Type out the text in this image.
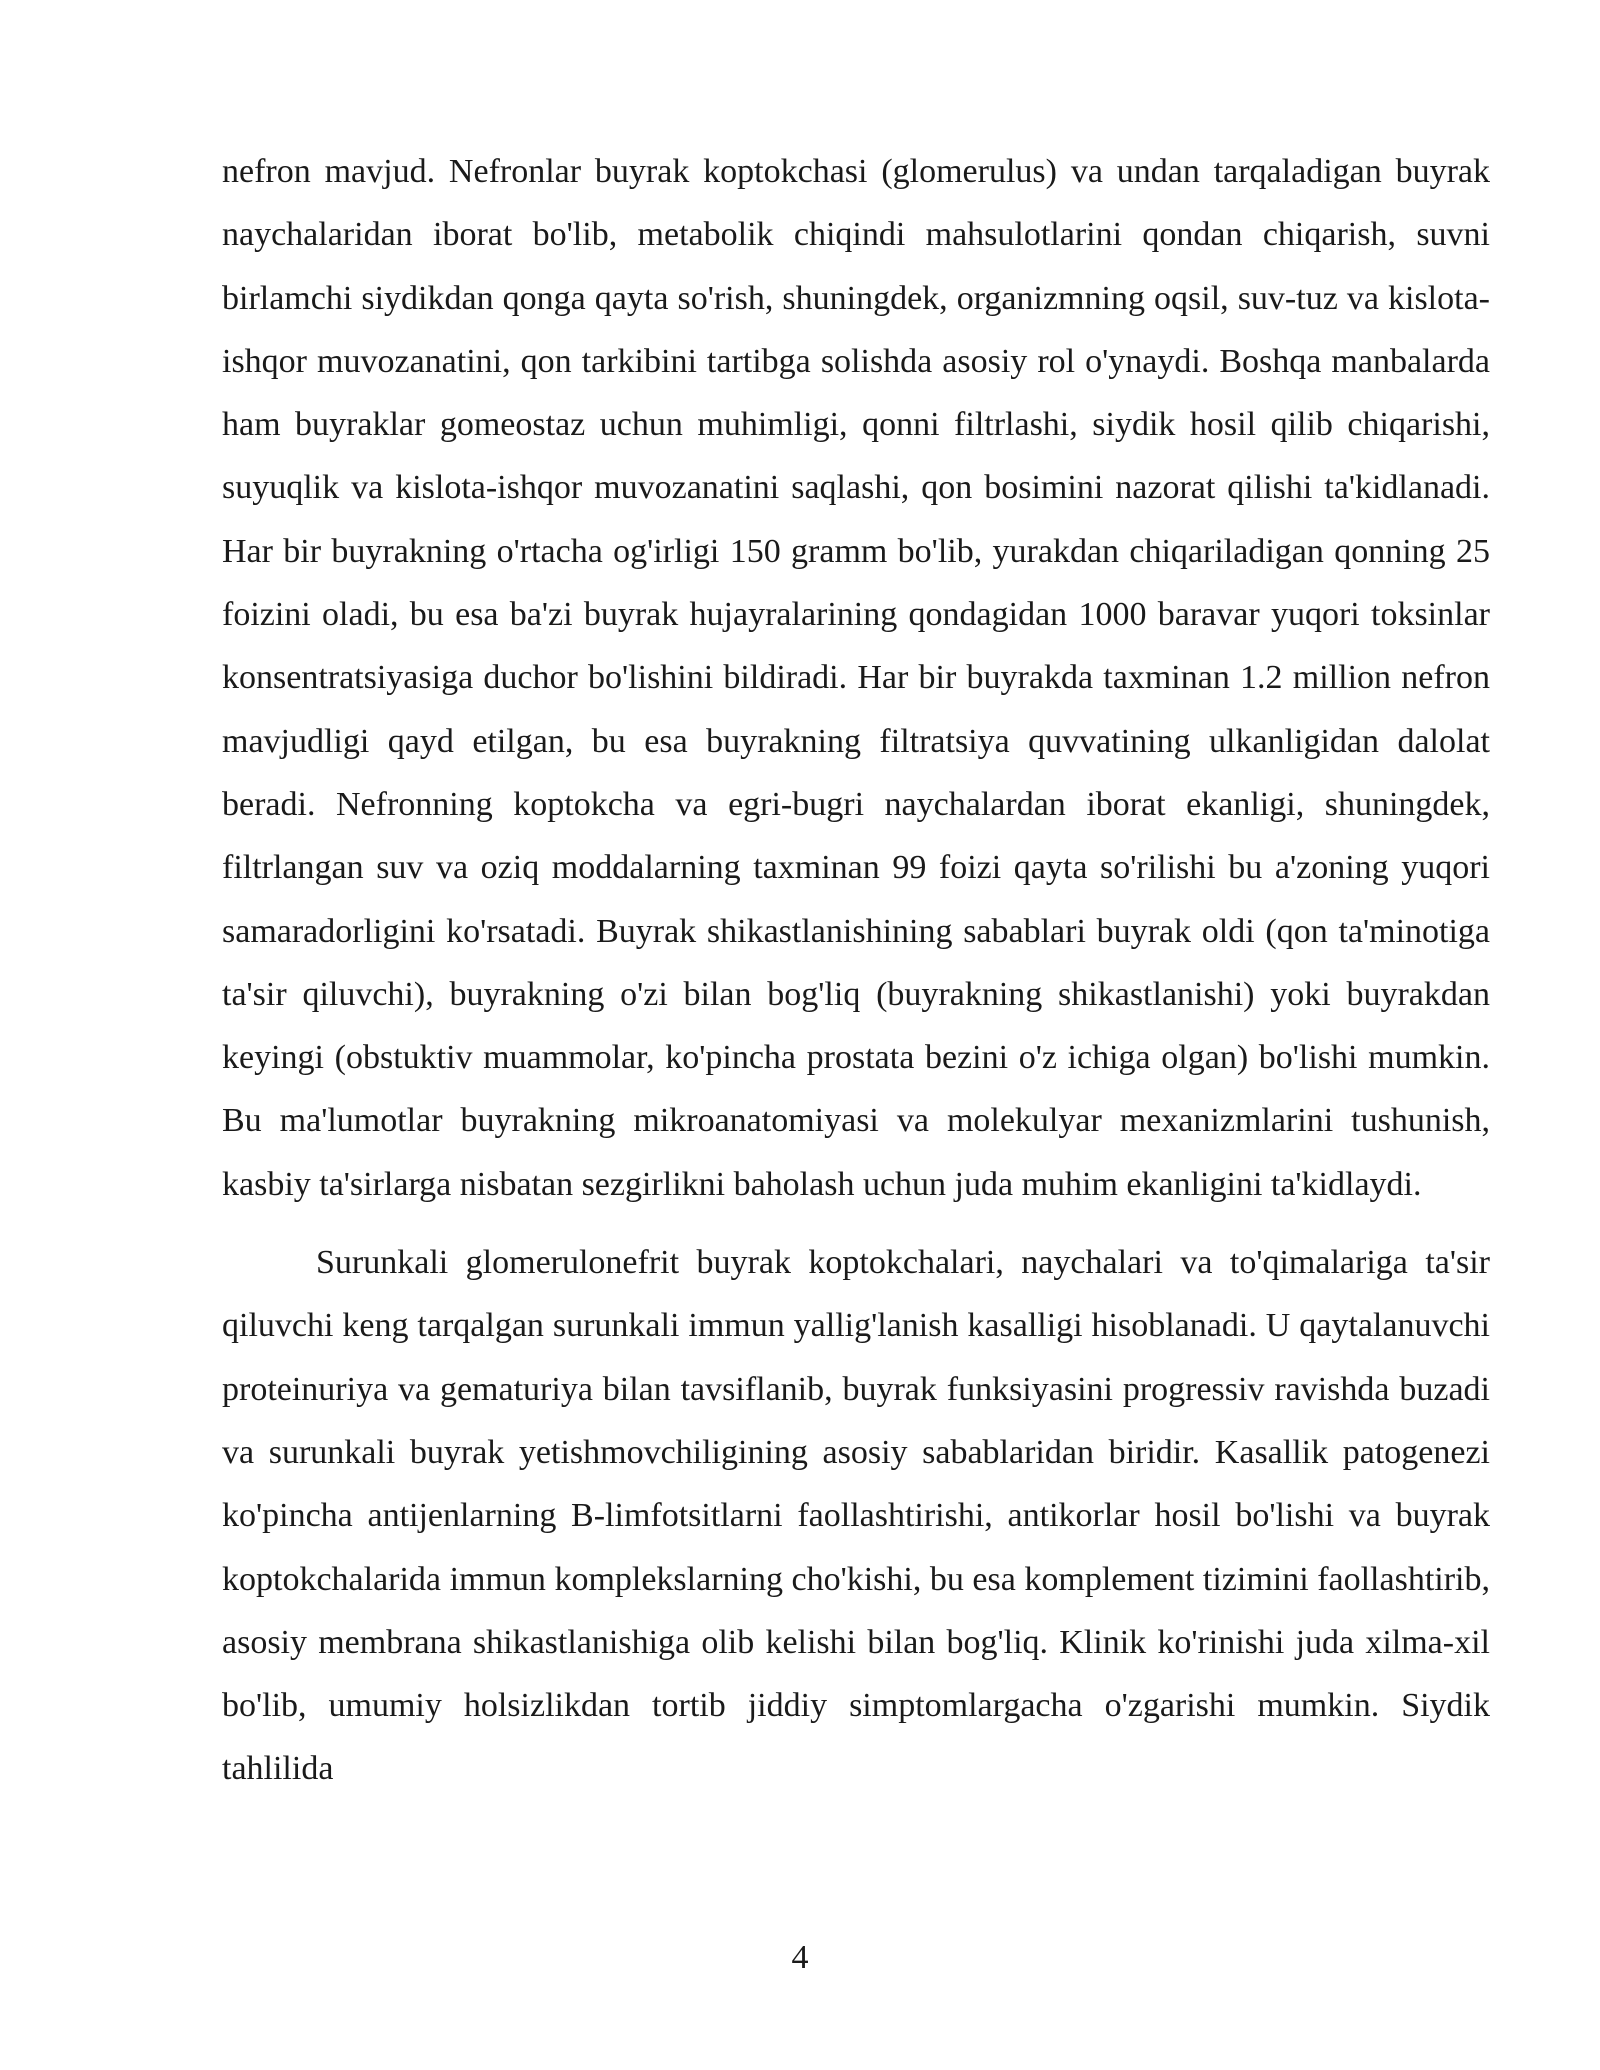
nefron mavjud. Nefronlar buyrak koptokchasi (glomerulus) va undan tarqaladigan buyrak naychalaridan iborat bo'lib, metabolik chiqindi mahsulotlarini qondan chiqarish, suvni birlamchi siydikdan qonga qayta so'rish, shuningdek, organizmning oqsil, suv-tuz va kislota-ishqor muvozanatini, qon tarkibini tartibga solishda asosiy rol o'ynaydi. Boshqa manbalarda ham buyraklar gomeostaz uchun muhimligi, qonni filtrlashi, siydik hosil qilib chiqarishi, suyuqlik va kislota-ishqor muvozanatini saqlashi, qon bosimini nazorat qilishi ta'kidlanadi. Har bir buyrakning o'rtacha og'irligi 150 gramm bo'lib, yurakdan chiqariladigan qonning 25 foizini oladi, bu esa ba'zi buyrak hujayralarining qondagidan 1000 baravar yuqori toksinlar konsentratsiyasiga duchor bo'lishini bildiradi. Har bir buyrakda taxminan 1.2 million nefron mavjudligi qayd etilgan, bu esa buyrakning filtratsiya quvvatining ulkanligidan dalolat beradi. Nefronning koptokcha va egri-bugri naychalardan iborat ekanligi, shuningdek, filtrlangan suv va oziq moddalarning taxminan 99 foizi qayta so'rilishi bu a'zoning yuqori samaradorligini ko'rsatadi. Buyrak shikastlanishining sabablari buyrak oldi (qon ta'minotiga ta'sir qiluvchi), buyrakning o'zi bilan bog'liq (buyrakning shikastlanishi) yoki buyrakdan keyingi (obstuktiv muammolar, ko'pincha prostata bezini o'z ichiga olgan) bo'lishi mumkin. Bu ma'lumotlar buyrakning mikroanatomiyasi va molekulyar mexanizmlarini tushunish, kasbiy ta'sirlarga nisbatan sezgirlikni baholash uchun juda muhim ekanligini ta'kidlaydi.

Surunkali glomerulonefrit buyrak koptokchalari, naychalari va to'qimalariga ta'sir qiluvchi keng tarqalgan surunkali immun yallig'lanish kasalligi hisoblanadi. U qaytalanuvchi proteinuriya va gematuriya bilan tavsiflanib, buyrak funksiyasini progressiv ravishda buzadi va surunkali buyrak yetishmovchiligining asosiy sabablaridan biridir. Kasallik patogenezi ko'pincha antijenlarning B-limfotsitlarni faollashtirishi, antikorlar hosil bo'lishi va buyrak koptokchalarida immun komplekslarning cho'kishi, bu esa komplement tizimini faollashtirib, asosiy membrana shikastlanishiga olib kelishi bilan bog'liq. Klinik ko'rinishi juda xilma-xil bo'lib, umumiy holsizlikdan tortib jiddiy simptomlargacha o'zgarishi mumkin. Siydik tahlilida

4
